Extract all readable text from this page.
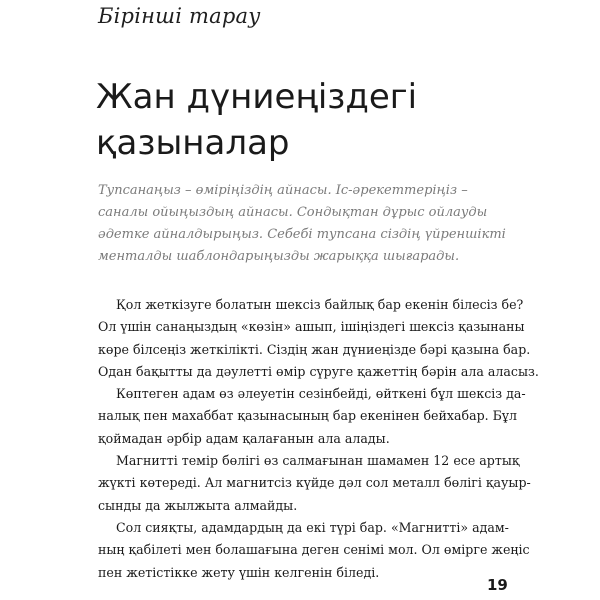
Бірінші тарау
Жан дүниеңіздегі
қазыналар
Тупсанаңыз – өміріңіздің айнасы. Іс-әрекеттеріңіз –
саналы ойыңыздың айнасы. Сондықтан дұрыс ойлауды
әдетке айналдырыңыз. Себебі тупсана сіздің үйреншікті
менталды шаблондарыңызды жарыққа шығарады.
Қол жеткізуге болатын шексіз байлық бар екенін білесіз бе?
Ол үшін санаңыздың «көзін» ашып, ішіңіздегі шексіз қазынаны
көре білсеңіз жеткілікті. Сіздің жан дүниеңізде бәрі қазына бар.
Одан бақытты да дәулетті өмір сүруге қажеттің бәрін ала аласыз.
Көптеген адам өз әлеуетін сезінбейді, өйткені бұл шексіз да-
налық пен махаббат қазынасының бар екенінен бейхабар. Бұл
қоймадан әрбір адам қалағанын ала алады.
Магнитті темір бөлігі өз салмағынан шамамен 12 есе артық
жүкті көтереді. Ал магнитсіз күйде дәл сол металл бөлігі қауыр-
сынды да жылжыта алмайды.
Сол сияқты, адамдардың да екі түрі бар. «Магнитті» адам-
ның қабілеті мен болашағына деген сенімі мол. Ол өмірге жеңіс
пен жетістікке жету үшін келгенін біледі.
19
